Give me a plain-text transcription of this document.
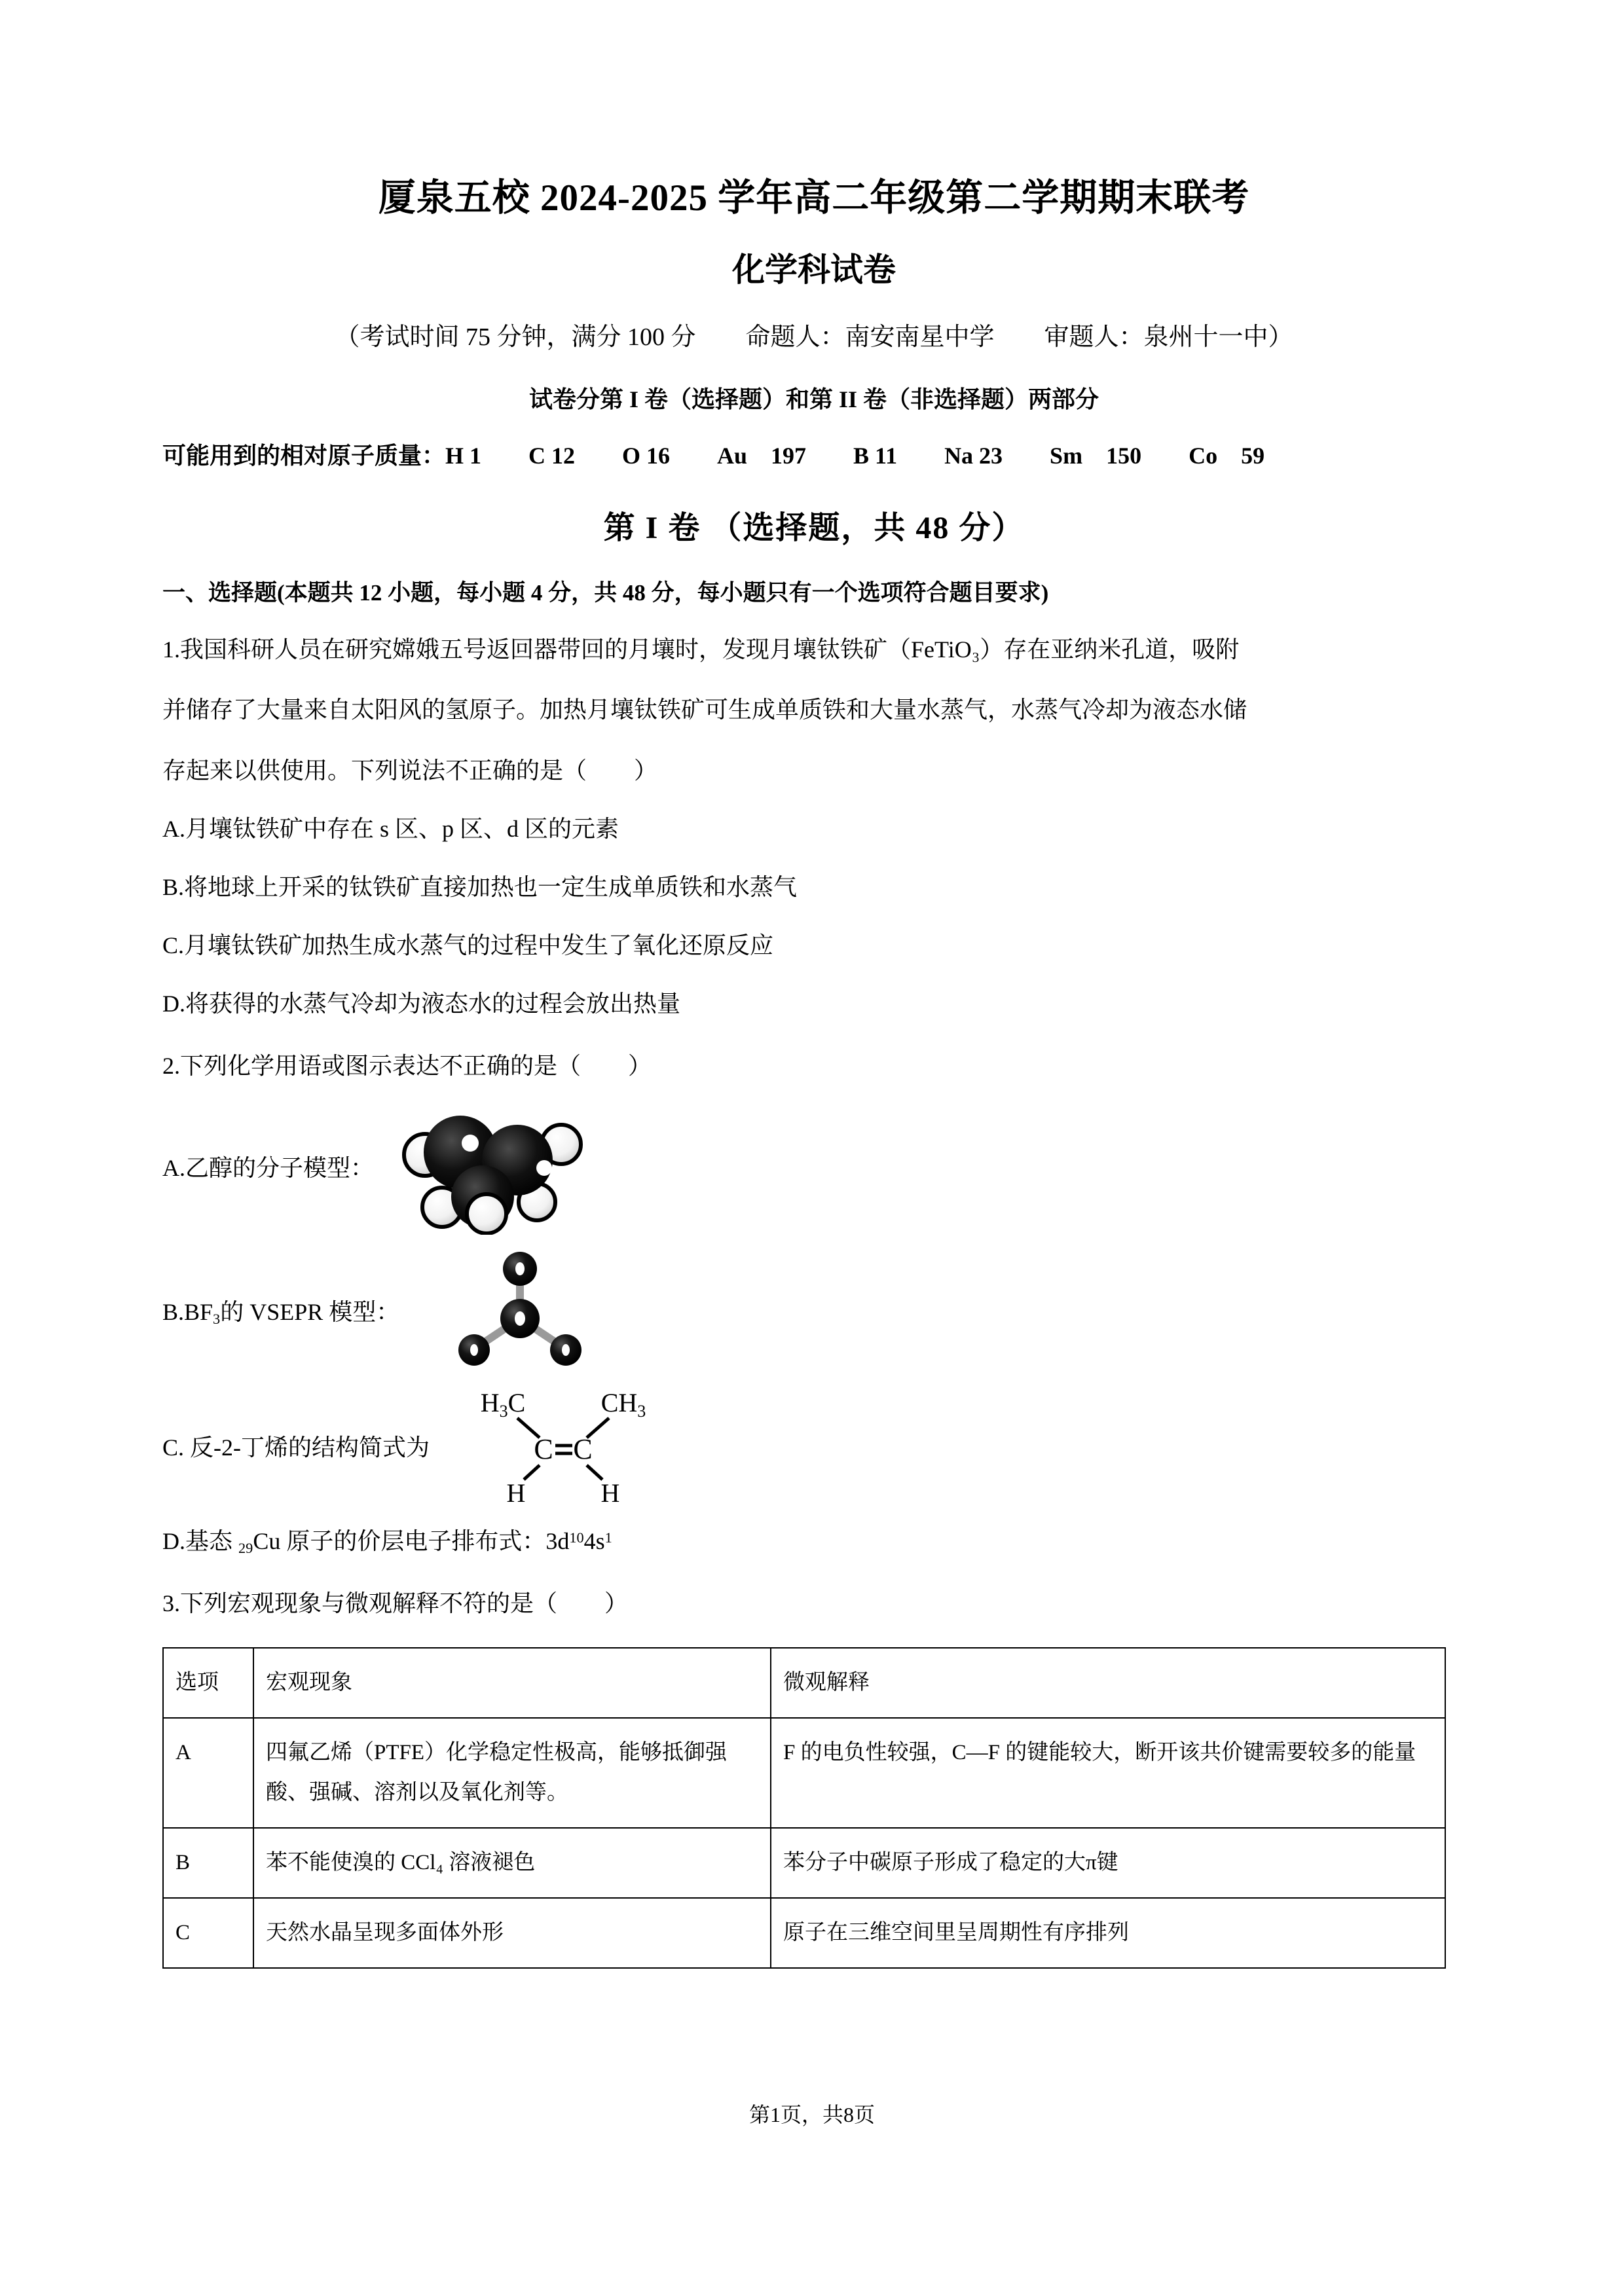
厦泉五校 2024-2025 学年高二年级第二学期期末联考
化学科试卷
（考试时间 75 分钟，满分 100 分　　命题人：南安南星中学　　审题人：泉州十一中）
试卷分第 I 卷（选择题）和第 II 卷（非选择题）两部分
可能用到的相对原子质量：H 1　　C 12　　O 16　　Au　197　　B 11　　Na 23　　Sm　150　　Co　59
第 I 卷 （选择题，共 48 分）
一、选择题(本题共 12 小题，每小题 4 分，共 48 分，每小题只有一个选项符合题目要求)
1.我国科研人员在研究嫦娥五号返回器带回的月壤时，发现月壤钛铁矿（FeTiO₃）存在亚纳米孔道，吸附
并储存了大量来自太阳风的氢原子。加热月壤钛铁矿可生成单质铁和大量水蒸气，水蒸气冷却为液态水储
存起来以供使用。下列说法不正确的是（　　）
A.月壤钛铁矿中存在 s 区、p 区、d 区的元素
B.将地球上开采的钛铁矿直接加热也一定生成单质铁和水蒸气
C.月壤钛铁矿加热生成水蒸气的过程中发生了氧化还原反应
D.将获得的水蒸气冷却为液态水的过程会放出热量
2.下列化学用语或图示表达不正确的是（　　）
A.乙醇的分子模型：
$B.BF_3$的 VSEPR 模型：
C. 反-2-丁烯的结构简式为
$H_3C$	$CH_3$
C C
H	H
D.基态 29Cu 原子的价层电子排布式：$3d^{10}4s^1$
3.下列宏观现象与微观解释不符的是（　　）
选项	宏观现象	微观解释
A	四氟乙烯（PTFE）化学稳定性极高，能够抵御强酸、强碱、溶剂以及氧化剂等。	F 的电负性较强，C—F 的键能较大，断开该共价键需要较多的能量
B	苯不能使溴的 CCl₄ 溶液褪色	苯分子中碳原子形成了稳定的大π键
C	天然水晶呈现多面体外形	原子在三维空间里呈周期性有序排列
第1页，共8页
